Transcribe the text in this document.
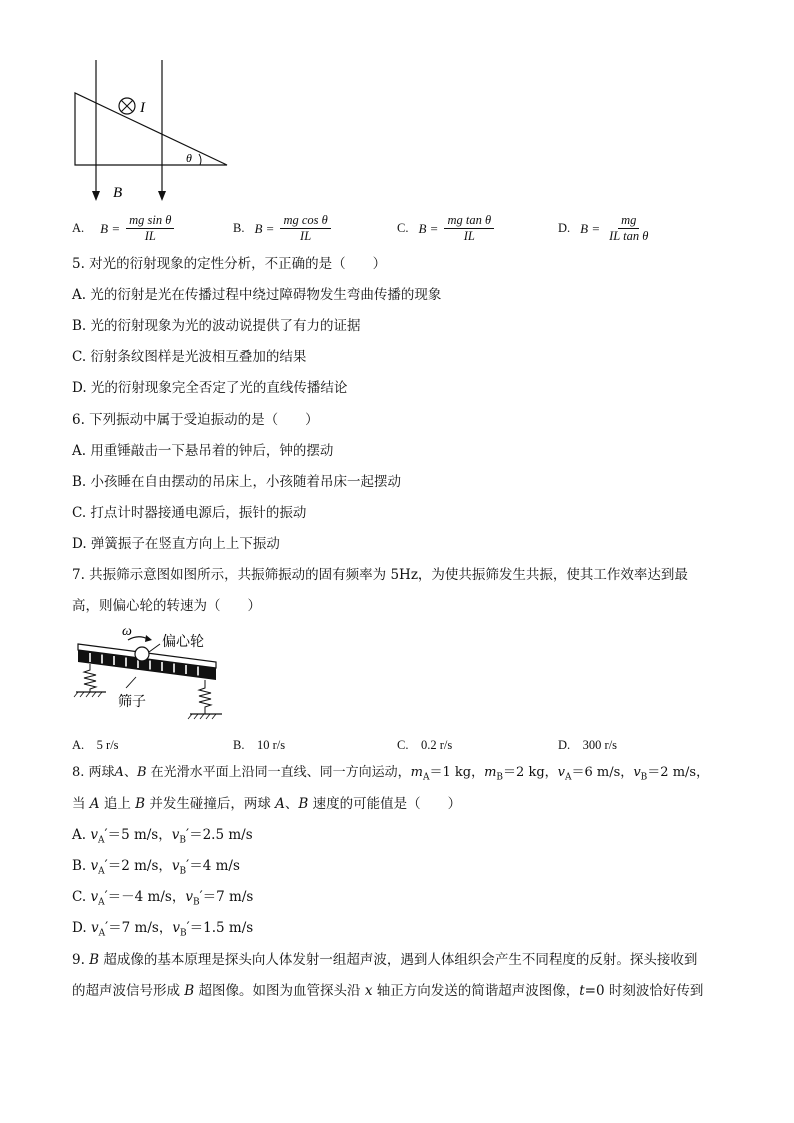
I
B
θ
A. $B = \frac{\text{mg sin θ}}{IL}$	B. $B = \frac{\text{mg cos θ}}{IL}$	C. $B = \frac{\text{mg tan θ}}{IL}$	D. $B = \frac{mg}{\text{IL tan θ}}$
5. 对光的衍射现象的定性分析，不正确的是（　　）
A. 光的衍射是光在传播过程中绕过障碍物发生弯曲传播的现象
B. 光的衍射现象为光的波动说提供了有力的证据
C. 衍射条纹图样是光波相互叠加的结果
D. 光的衍射现象完全否定了光的直线传播结论
6. 下列振动中属于受迫振动的是（　　）
A. 用重锤敲击一下悬吊着的钟后，钟的摆动
B. 小孩睡在自由摆动的吊床上，小孩随着吊床一起摆动
C. 打点计时器接通电源后，振针的振动
D. 弹簧振子在竖直方向上上下振动
7. 共振筛示意图如图所示，共振筛振动的固有频率为 5Hz，为使共振筛发生共振，使其工作效率达到最
高，则偏心轮的转速为（　　）
ω
偏心轮
筛子
A.　5 r/s	B.　10 r/s	C.　0.2 r/s	D.　300 r/s
8. 两球A、B 在光滑水平面上沿同一直线、同一方向运动，$m_A=1$ kg，$m_B=2$ kg，$v_A=6$ m/s，$v_B=2$ m/s，
当 A 追上 B 并发生碰撞后，两球 A、B 速度的可能值是（　　）
A. $v_A'=5$ m/s，$v_B'=2.5$ m/s
B. $v_A'=2$ m/s，$v_B'=4$ m/s
C. $v_A'=-4$ m/s，$v_B'=7$ m/s
D. $v_A'=7$ m/s，$v_B'=1.5$ m/s
9. B 超成像的基本原理是探头向人体发射一组超声波，遇到人体组织会产生不同程度的反射。探头接收到
的超声波信号形成 B 超图像。如图为血管探头沿 x 轴正方向发送的简谐超声波图像，t=0 时刻波恰好传到
